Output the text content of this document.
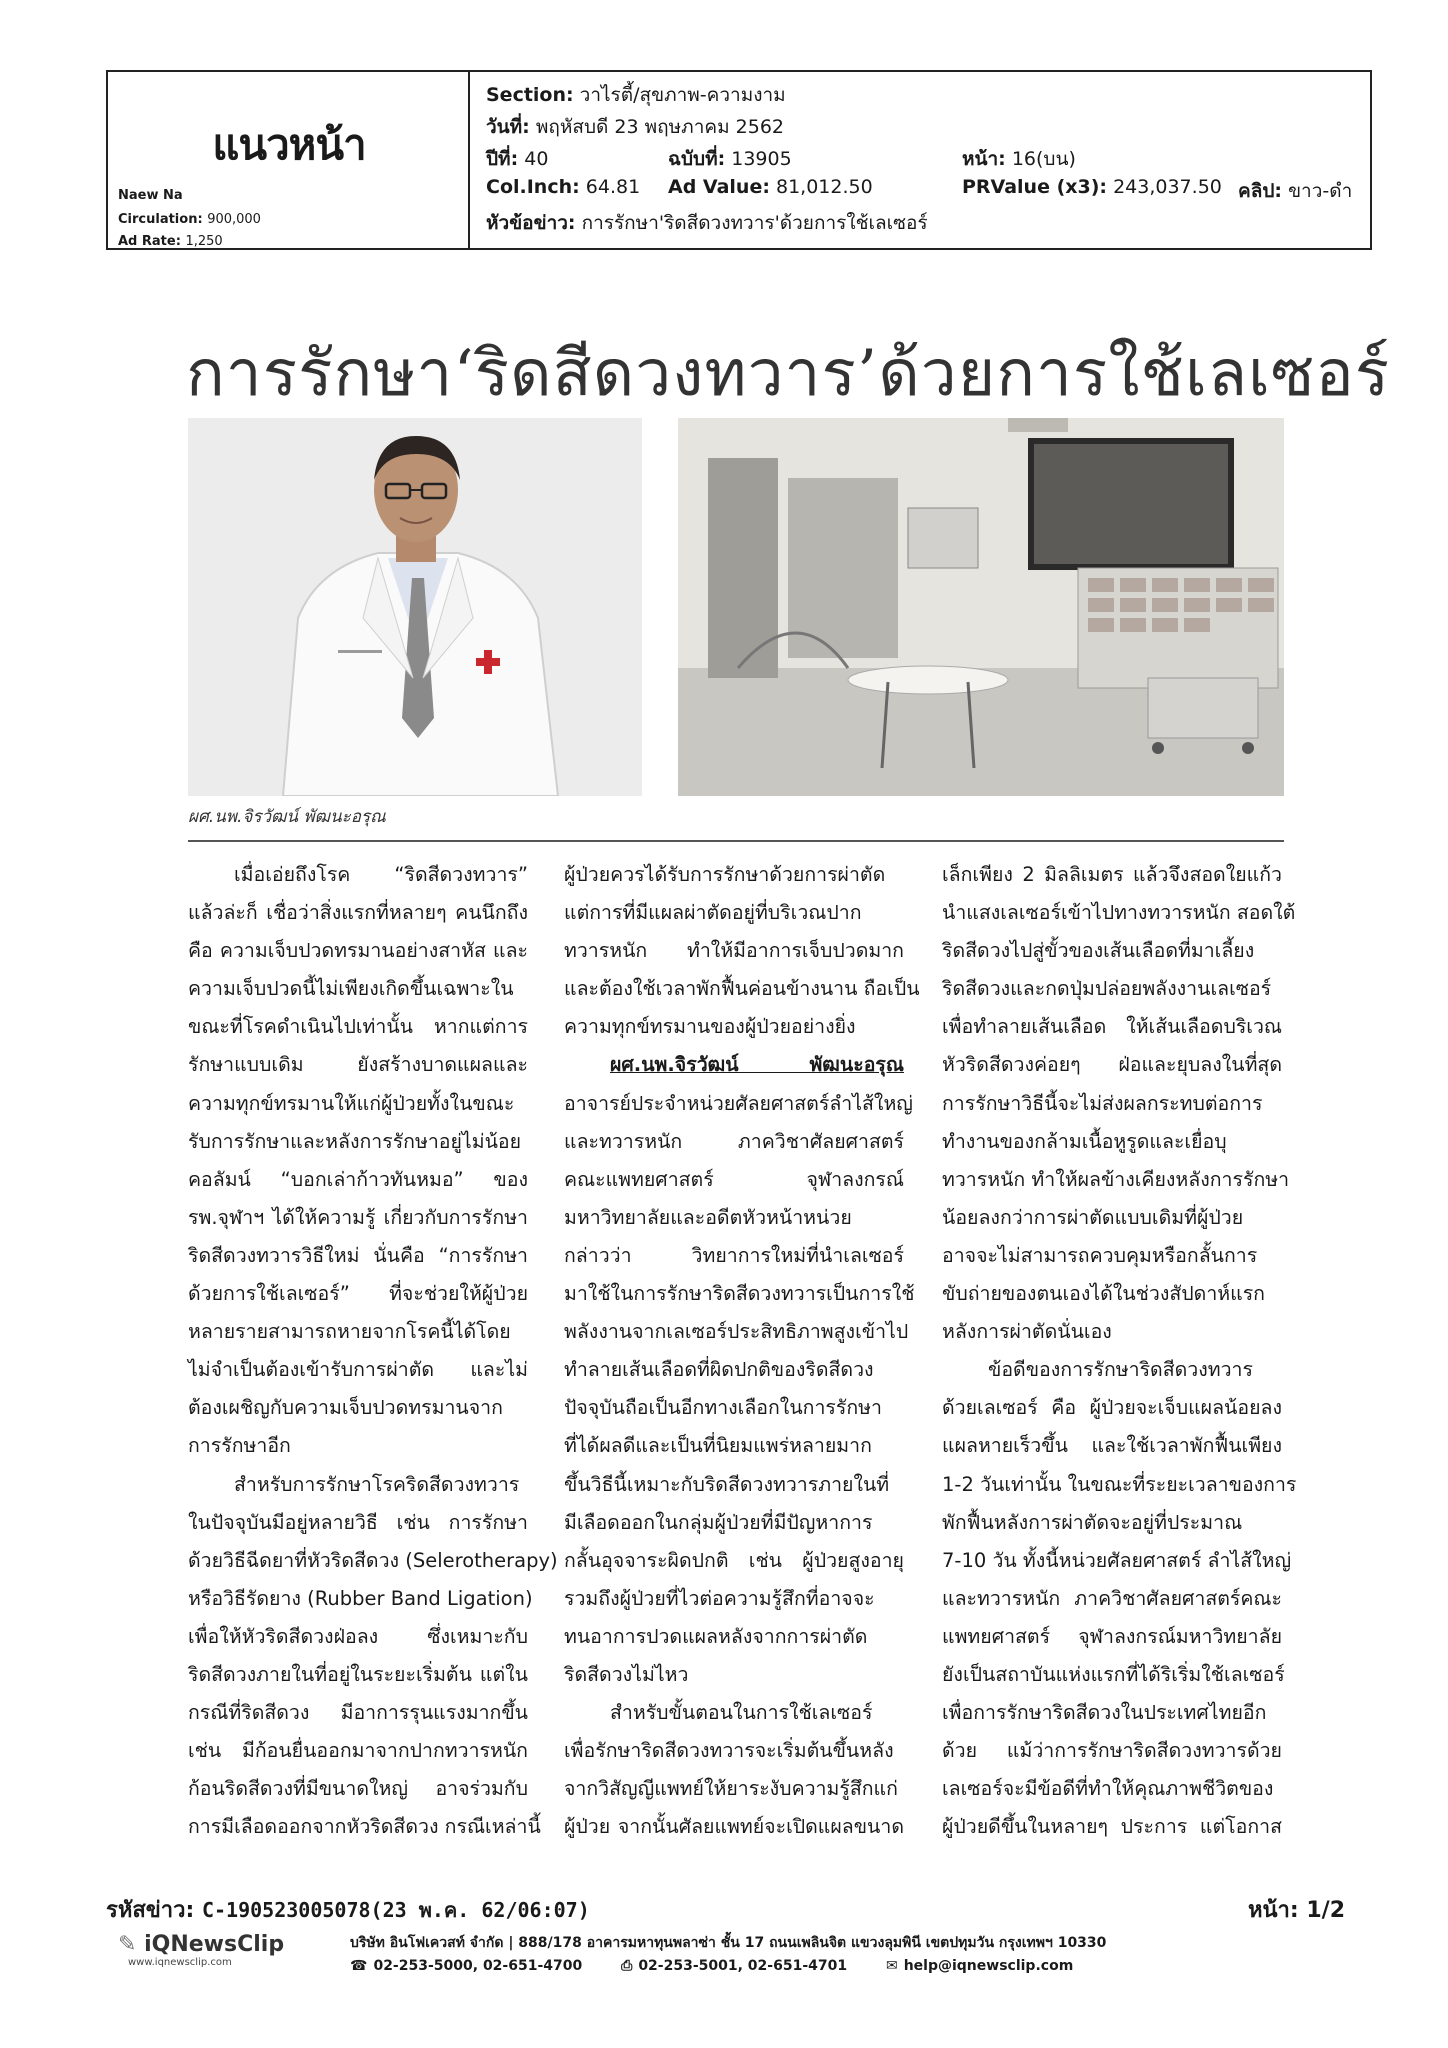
แนวหน้า
Naew Na
Circulation: 900,000
Ad Rate: 1,250
Section: วาไรตี้/สุขภาพ-ความงาม
วันที่: พฤหัสบดี 23 พฤษภาคม 2562
ปีที่: 40	ฉบับที่: 13905	หน้า: 16(บน)
Col.Inch: 64.81 Ad Value: 81,012.50	PRValue (x3): 243,037.50 คลิป: ขาว-ดำ
หัวข้อข่าว: การรักษา'ริดสีดวงทวาร'ด้วยการใช้เลเซอร์
การรักษา‘ริดสีดวงทวาร’ด้วยการใช้เลเซอร์
ผศ.นพ.จิรวัฒน์ พัฒนะอรุณ
เมื่อเอ่ยถึงโรค “ริดสีดวงทวาร”
แล้วล่ะก็ เชื่อว่าสิ่งแรกที่หลายๆ คนนึกถึง
คือ ความเจ็บปวดทรมานอย่างสาหัส และ
ความเจ็บปวดนี้ไม่เพียงเกิดขึ้นเฉพาะใน
ขณะที่โรคดำเนินไปเท่านั้น หากแต่การ
รักษาแบบเดิม ยังสร้างบาดแผลและ
ความทุกข์ทรมานให้แก่ผู้ป่วยทั้งในขณะ
รับการรักษาและหลังการรักษาอยู่ไม่น้อย
คอลัมน์ “บอกเล่าก้าวทันหมอ” ของ
รพ.จุฬาฯ ได้ให้ความรู้ เกี่ยวกับการรักษา
ริดสีดวงทวารวิธีใหม่ นั่นคือ “การรักษา
ด้วยการใช้เลเซอร์” ที่จะช่วยให้ผู้ป่วย
หลายรายสามารถหายจากโรคนี้ได้โดย
ไม่จำเป็นต้องเข้ารับการผ่าตัด และไม่
ต้องเผชิญกับความเจ็บปวดทรมานจาก
การรักษาอีก
สำหรับการรักษาโรคริดสีดวงทวาร
ในปัจจุบันมีอยู่หลายวิธี เช่น การรักษา
ด้วยวิธีฉีดยาที่หัวริดสีดวง (Selerotherapy)
หรือวิธีรัดยาง (Rubber Band Ligation)
เพื่อให้หัวริดสีดวงฝ่อลง ซึ่งเหมาะกับ
ริดสีดวงภายในที่อยู่ในระยะเริ่มต้น แต่ใน
กรณีที่ริดสีดวง มีอาการรุนแรงมากขึ้น
เช่น มีก้อนยื่นออกมาจากปากทวารหนัก
ก้อนริดสีดวงที่มีขนาดใหญ่ อาจร่วมกับ
การมีเลือดออกจากหัวริดสีดวง กรณีเหล่านี้
ผู้ป่วยควรได้รับการรักษาด้วยการผ่าตัด
แต่การที่มีแผลผ่าตัดอยู่ที่บริเวณปาก
ทวารหนัก ทำให้มีอาการเจ็บปวดมาก
และต้องใช้เวลาพักฟื้นค่อนข้างนาน ถือเป็น
ความทุกข์ทรมานของผู้ป่วยอย่างยิ่ง
ผศ.นพ.จิรวัฒน์ พัฒนะอรุณ
อาจารย์ประจำหน่วยศัลยศาสตร์ลำไส้ใหญ่
และทวารหนัก ภาควิชาศัลยศาสตร์
คณะแพทยศาสตร์ จุฬาลงกรณ์
มหาวิทยาลัยและอดีตหัวหน้าหน่วย
กล่าวว่า วิทยาการใหม่ที่นำเลเซอร์
มาใช้ในการรักษาริดสีดวงทวารเป็นการใช้
พลังงานจากเลเซอร์ประสิทธิภาพสูงเข้าไป
ทำลายเส้นเลือดที่ผิดปกติของริดสีดวง
ปัจจุบันถือเป็นอีกทางเลือกในการรักษา
ที่ได้ผลดีและเป็นที่นิยมแพร่หลายมาก
ขึ้นวิธีนี้เหมาะกับริดสีดวงทวารภายในที่
มีเลือดออกในกลุ่มผู้ป่วยที่มีปัญหาการ
กลั้นอุจจาระผิดปกติ เช่น ผู้ป่วยสูงอายุ
รวมถึงผู้ป่วยที่ไวต่อความรู้สึกที่อาจจะ
ทนอาการปวดแผลหลังจากการผ่าตัด
ริดสีดวงไม่ไหว
สำหรับขั้นตอนในการใช้เลเซอร์
เพื่อรักษาริดสีดวงทวารจะเริ่มต้นขึ้นหลัง
จากวิสัญญีแพทย์ให้ยาระงับความรู้สึกแก่
ผู้ป่วย จากนั้นศัลยแพทย์จะเปิดแผลขนาด
เล็กเพียง 2 มิลลิเมตร แล้วจึงสอดใยแก้ว
นำแสงเลเซอร์เข้าไปทางทวารหนัก สอดใต้
ริดสีดวงไปสู่ขั้วของเส้นเลือดที่มาเลี้ยง
ริดสีดวงและกดปุ่มปล่อยพลังงานเลเซอร์
เพื่อทำลายเส้นเลือด ให้เส้นเลือดบริเวณ
หัวริดสีดวงค่อยๆ ฝ่อและยุบลงในที่สุด
การรักษาวิธีนี้จะไม่ส่งผลกระทบต่อการ
ทำงานของกล้ามเนื้อหูรูดและเยื่อบุ
ทวารหนัก ทำให้ผลข้างเคียงหลังการรักษา
น้อยลงกว่าการผ่าตัดแบบเดิมที่ผู้ป่วย
อาจจะไม่สามารถควบคุมหรือกลั้นการ
ขับถ่ายของตนเองได้ในช่วงสัปดาห์แรก
หลังการผ่าตัดนั่นเอง
ข้อดีของการรักษาริดสีดวงทวาร
ด้วยเลเซอร์ คือ ผู้ป่วยจะเจ็บแผลน้อยลง
แผลหายเร็วขึ้น และใช้เวลาพักฟื้นเพียง
1-2 วันเท่านั้น ในขณะที่ระยะเวลาของการ
พักฟื้นหลังการผ่าตัดจะอยู่ที่ประมาณ
7-10 วัน ทั้งนี้หน่วยศัลยศาสตร์ ลำไส้ใหญ่
และทวารหนัก ภาควิชาศัลยศาสตร์คณะ
แพทยศาสตร์ จุฬาลงกรณ์มหาวิทยาลัย
ยังเป็นสถาบันแห่งแรกที่ได้ริเริ่มใช้เลเซอร์
เพื่อการรักษาริดสีดวงในประเทศไทยอีก
ด้วย แม้ว่าการรักษาริดสีดวงทวารด้วย
เลเซอร์จะมีข้อดีที่ทำให้คุณภาพชีวิตของ
ผู้ป่วยดีขึ้นในหลายๆ ประการ แต่โอกาส
รหัสข่าว: C-190523005078(23 พ.ค. 62/06:07)	หน้า: 1/2
✎ iQNewsClip
www.iqnewsclip.com
บริษัท อินโฟเควสท์ จำกัด | 888/178 อาคารมหาทุนพลาซ่า ชั้น 17 ถนนเพลินจิต แขวงลุมพินี เขตปทุมวัน กรุงเทพฯ 10330
☎ 02-253-5000, 02-651-4700	⎙ 02-253-5001, 02-651-4701	✉ help@iqnewsclip.com
